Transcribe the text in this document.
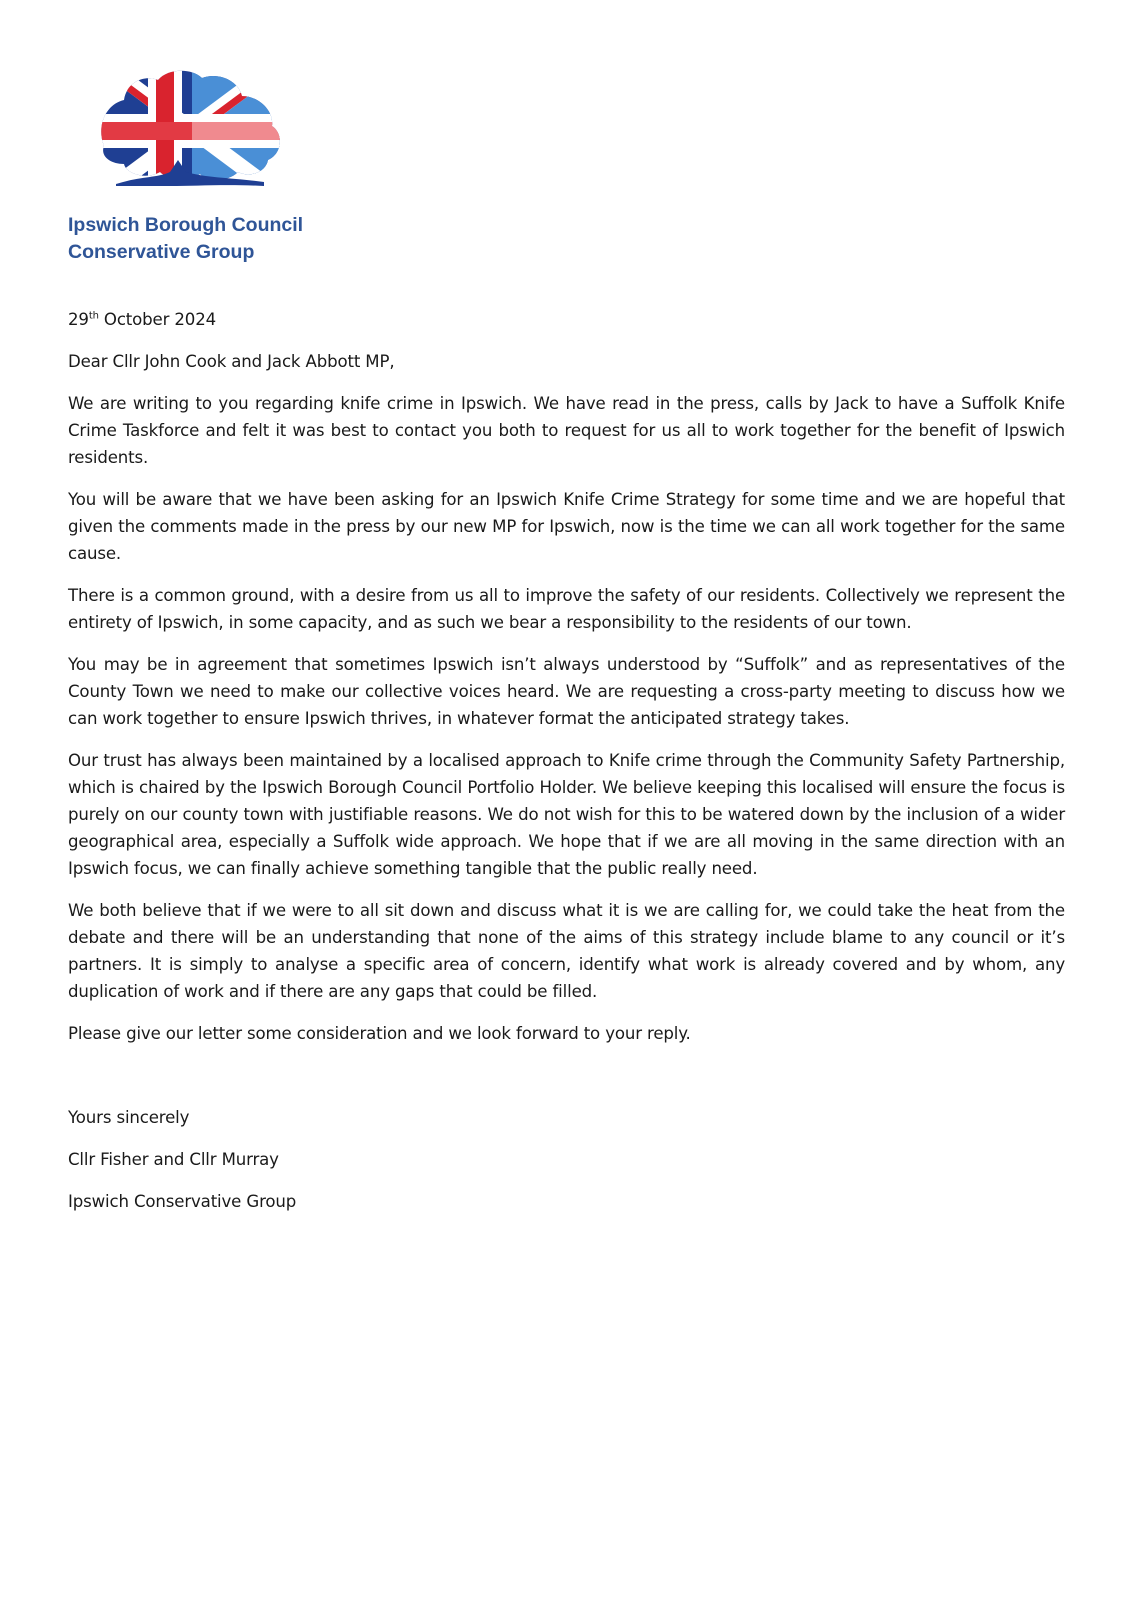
Ipswich Borough Council
Conservative Group

29th October 2024

Dear Cllr John Cook and Jack Abbott MP,

We are writing to you regarding knife crime in Ipswich. We have read in the press, calls by Jack to have a Suffolk Knife Crime Taskforce and felt it was best to contact you both to request for us all to work together for the benefit of Ipswich residents.

You will be aware that we have been asking for an Ipswich Knife Crime Strategy for some time and we are hopeful that given the comments made in the press by our new MP for Ipswich, now is the time we can all work together for the same cause.

There is a common ground, with a desire from us all to improve the safety of our residents. Collectively we represent the entirety of Ipswich, in some capacity, and as such we bear a responsibility to the residents of our town.

You may be in agreement that sometimes Ipswich isn’t always understood by “Suffolk” and as representatives of the County Town we need to make our collective voices heard. We are requesting a cross-party meeting to discuss how we can work together to ensure Ipswich thrives, in whatever format the anticipated strategy takes.

Our trust has always been maintained by a localised approach to Knife crime through the Community Safety Partnership, which is chaired by the Ipswich Borough Council Portfolio Holder. We believe keeping this localised will ensure the focus is purely on our county town with justifiable reasons. We do not wish for this to be watered down by the inclusion of a wider geographical area, especially a Suffolk wide approach. We hope that if we are all moving in the same direction with an Ipswich focus, we can finally achieve something tangible that the public really need.

We both believe that if we were to all sit down and discuss what it is we are calling for, we could take the heat from the debate and there will be an understanding that none of the aims of this strategy include blame to any council or it’s partners. It is simply to analyse a specific area of concern, identify what work is already covered and by whom, any duplication of work and if there are any gaps that could be filled.

Please give our letter some consideration and we look forward to your reply.

Yours sincerely

Cllr Fisher and Cllr Murray

Ipswich Conservative Group
